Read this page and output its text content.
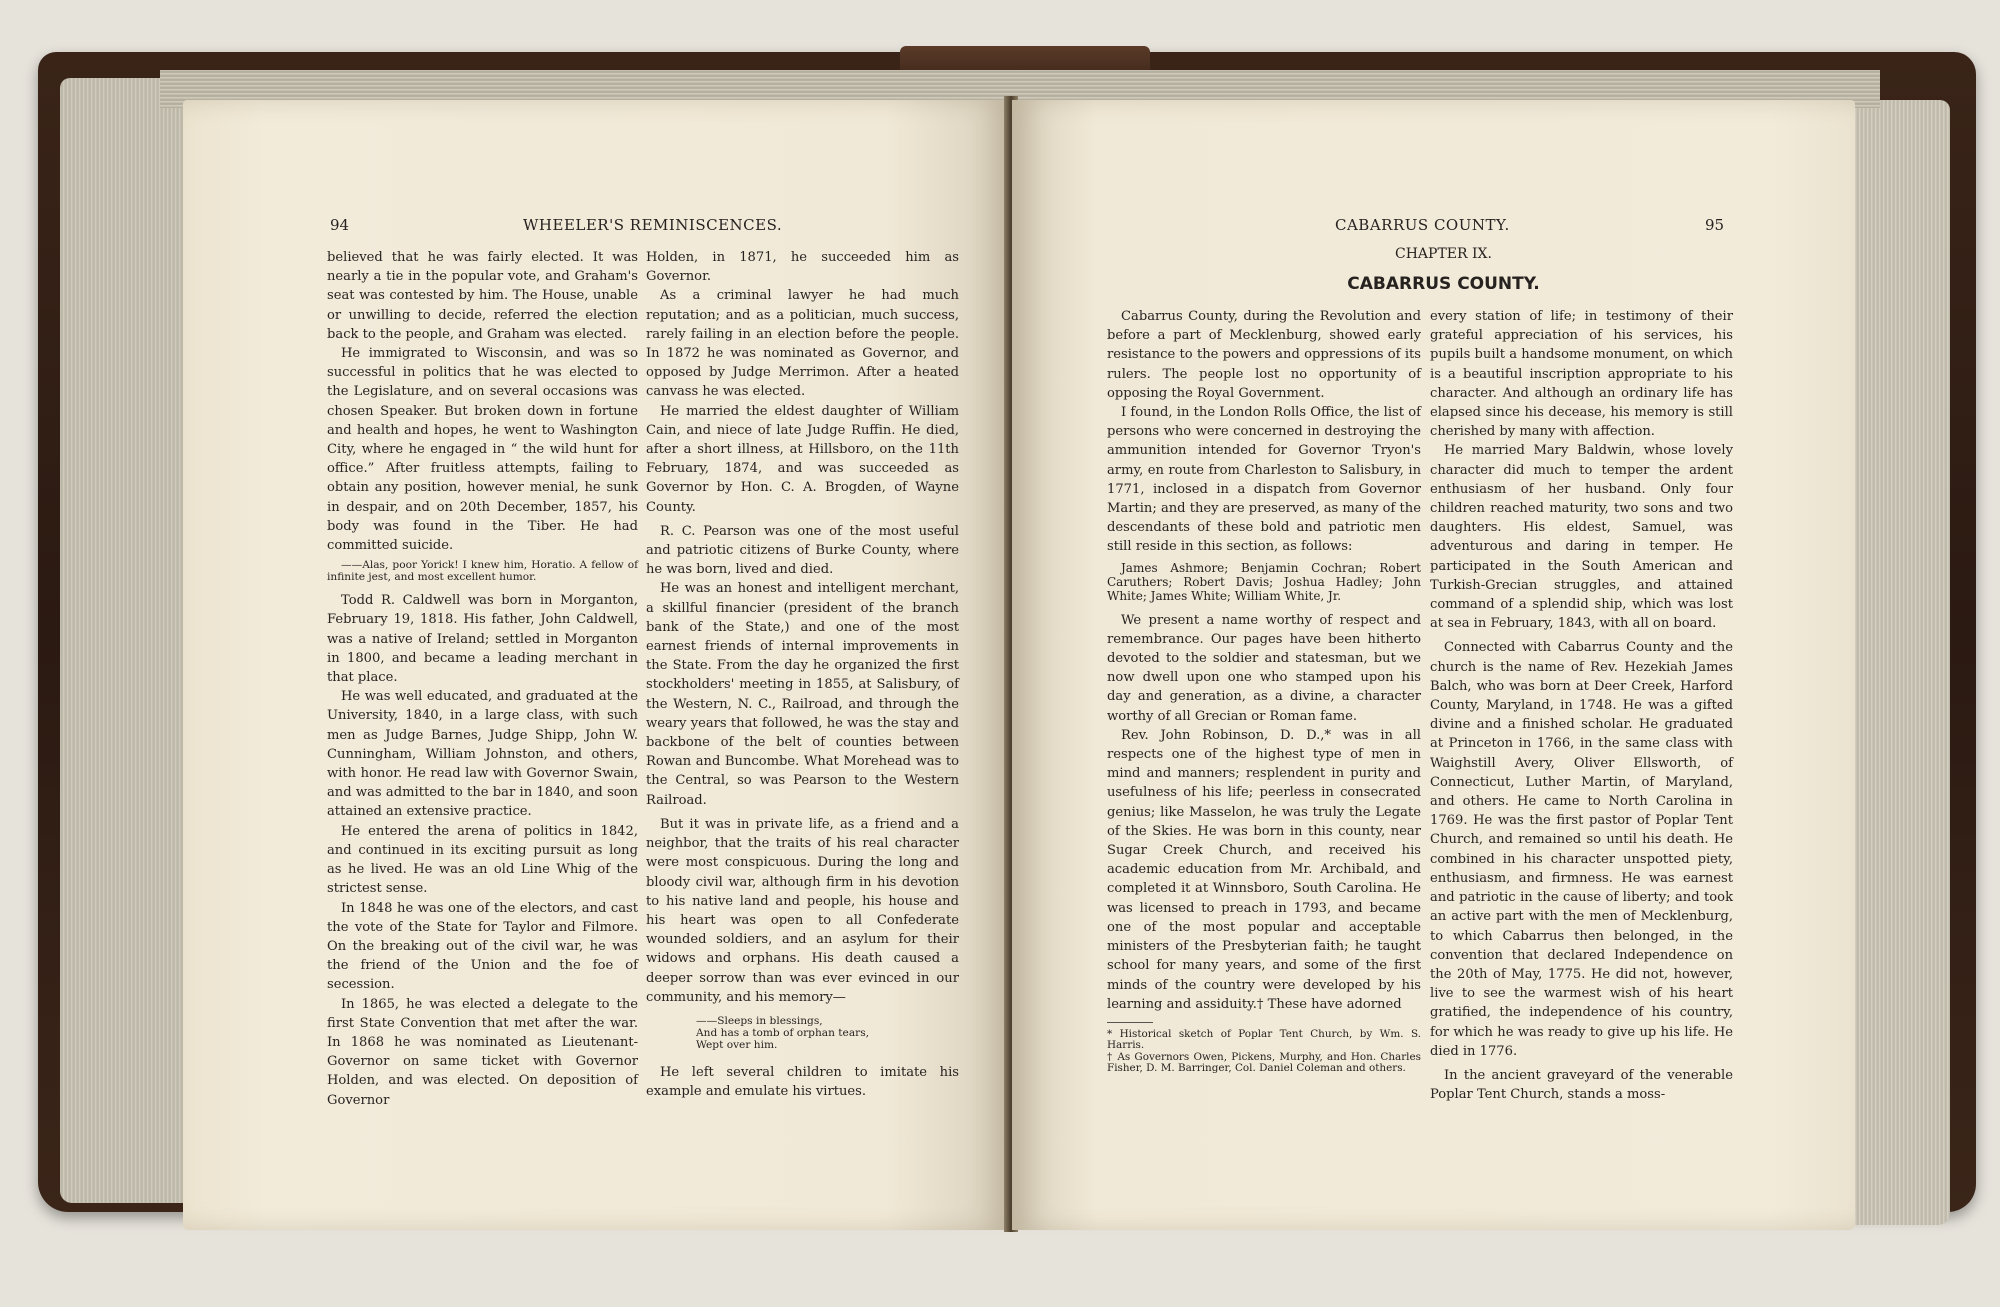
94	WHEELER'S REMINISCENCES.

believed that he was fairly elected. It was nearly a tie in the popular vote, and Graham's seat was contested by him. The House, unable or unwilling to decide, referred the election back to the people, and Graham was elected.

He immigrated to Wisconsin, and was so successful in politics that he was elected to the Legislature, and on several occasions was chosen Speaker. But broken down in fortune and health and hopes, he went to Washington City, where he engaged in “ the wild hunt for office.” After fruitless attempts, failing to obtain any position, however menial, he sunk in despair, and on 20th December, 1857, his body was found in the Tiber. He had committed suicide.

——Alas, poor Yorick! I knew him, Horatio. A fellow of infinite jest, and most excellent humor.

Todd R. Caldwell was born in Morganton, February 19, 1818. His father, John Caldwell, was a native of Ireland; settled in Morganton in 1800, and became a leading merchant in that place.

He was well educated, and graduated at the University, 1840, in a large class, with such men as Judge Barnes, Judge Shipp, John W. Cunningham, William Johnston, and others, with honor. He read law with Governor Swain, and was admitted to the bar in 1840, and soon attained an extensive practice.

He entered the arena of politics in 1842, and continued in its exciting pursuit as long as he lived. He was an old Line Whig of the strictest sense.

In 1848 he was one of the electors, and cast the vote of the State for Taylor and Filmore. On the breaking out of the civil war, he was the friend of the Union and the foe of secession.

In 1865, he was elected a delegate to the first State Convention that met after the war. In 1868 he was nominated as Lieutenant-Governor on same ticket with Governor Holden, and was elected. On deposition of Governor

Holden, in 1871, he succeeded him as Governor.

As a criminal lawyer he had much reputation; and as a politician, much success, rarely failing in an election before the people. In 1872 he was nominated as Governor, and opposed by Judge Merrimon. After a heated canvass he was elected.

He married the eldest daughter of William Cain, and niece of late Judge Ruffin. He died, after a short illness, at Hillsboro, on the 11th February, 1874, and was succeeded as Governor by Hon. C. A. Brogden, of Wayne County.

R. C. Pearson was one of the most useful and patriotic citizens of Burke County, where he was born, lived and died.

He was an honest and intelligent merchant, a skillful financier (president of the branch bank of the State,) and one of the most earnest friends of internal improvements in the State. From the day he organized the first stockholders' meeting in 1855, at Salisbury, of the Western, N. C., Railroad, and through the weary years that followed, he was the stay and backbone of the belt of counties between Rowan and Buncombe. What Morehead was to the Central, so was Pearson to the Western Railroad.

But it was in private life, as a friend and a neighbor, that the traits of his real character were most conspicuous. During the long and bloody civil war, although firm in his devotion to his native land and people, his house and his heart was open to all Confederate wounded soldiers, and an asylum for their widows and orphans. His death caused a deeper sorrow than was ever evinced in our community, and his memory—

——Sleeps in blessings,
And has a tomb of orphan tears,
Wept over him.

He left several children to imitate his example and emulate his virtues.

CABARRUS COUNTY.	95
CHAPTER IX.
CABARRUS COUNTY.

Cabarrus County, during the Revolution and before a part of Mecklenburg, showed early resistance to the powers and oppressions of its rulers. The people lost no opportunity of opposing the Royal Government.

I found, in the London Rolls Office, the list of persons who were concerned in destroying the ammunition intended for Governor Tryon's army, en route from Charleston to Salisbury, in 1771, inclosed in a dispatch from Governor Martin; and they are preserved, as many of the descendants of these bold and patriotic men still reside in this section, as follows:

James Ashmore; Benjamin Cochran; Robert Caruthers; Robert Davis; Joshua Hadley; John White; James White; William White, Jr.

We present a name worthy of respect and remembrance. Our pages have been hitherto devoted to the soldier and statesman, but we now dwell upon one who stamped upon his day and generation, as a divine, a character worthy of all Grecian or Roman fame.

Rev. John Robinson, D. D.,* was in all respects one of the highest type of men in mind and manners; resplendent in purity and usefulness of his life; peerless in consecrated genius; like Masselon, he was truly the Legate of the Skies. He was born in this county, near Sugar Creek Church, and received his academic education from Mr. Archibald, and completed it at Winnsboro, South Carolina. He was licensed to preach in 1793, and became one of the most popular and acceptable ministers of the Presbyterian faith; he taught school for many years, and some of the first minds of the country were developed by his learning and assiduity.† These have adorned

* Historical sketch of Poplar Tent Church, by Wm. S. Harris.

† As Governors Owen, Pickens, Murphy, and Hon. Charles Fisher, D. M. Barringer, Col. Daniel Coleman and others.

every station of life; in testimony of their grateful appreciation of his services, his pupils built a handsome monument, on which is a beautiful inscription appropriate to his character. And although an ordinary life has elapsed since his decease, his memory is still cherished by many with affection.

He married Mary Baldwin, whose lovely character did much to temper the ardent enthusiasm of her husband. Only four children reached maturity, two sons and two daughters. His eldest, Samuel, was adventurous and daring in temper. He participated in the South American and Turkish-Grecian struggles, and attained command of a splendid ship, which was lost at sea in February, 1843, with all on board.

Connected with Cabarrus County and the church is the name of Rev. Hezekiah James Balch, who was born at Deer Creek, Harford County, Maryland, in 1748. He was a gifted divine and a finished scholar. He graduated at Princeton in 1766, in the same class with Waighstill Avery, Oliver Ellsworth, of Connecticut, Luther Martin, of Maryland, and others. He came to North Carolina in 1769. He was the first pastor of Poplar Tent Church, and remained so until his death. He combined in his character unspotted piety, enthusiasm, and firmness. He was earnest and patriotic in the cause of liberty; and took an active part with the men of Mecklenburg, to which Cabarrus then belonged, in the convention that declared Independence on the 20th of May, 1775. He did not, however, live to see the warmest wish of his heart gratified, the independence of his country, for which he was ready to give up his life. He died in 1776.

In the ancient graveyard of the venerable Poplar Tent Church, stands a moss-
